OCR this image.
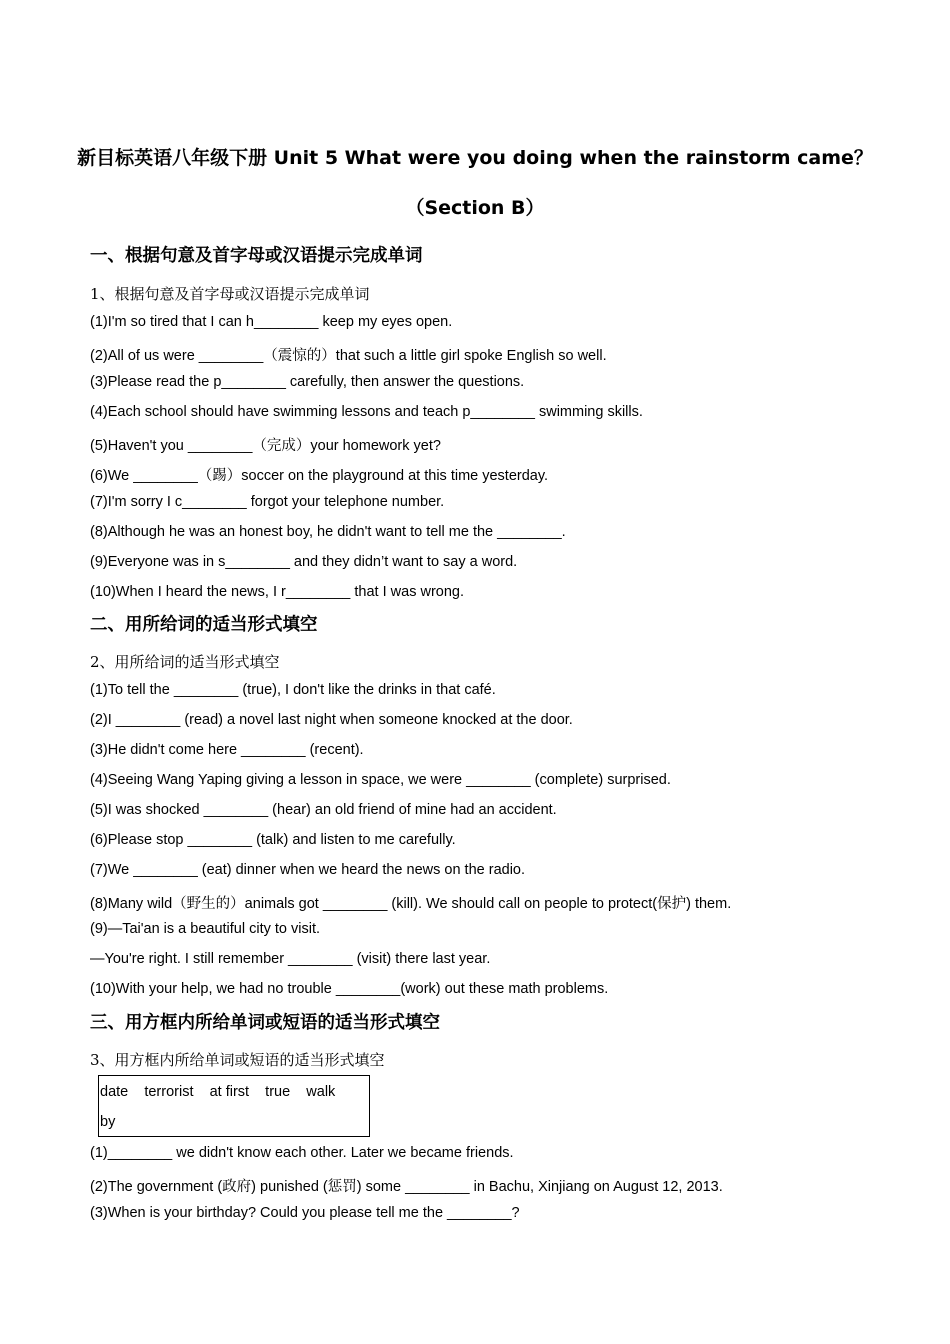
新目标英语八年级下册 Unit 5 What were you doing when the rainstorm came？
（Section B）
一、根据句意及首字母或汉语提示完成单词
1、根据句意及首字母或汉语提示完成单词
(1)I'm so tired that I can h________ keep my eyes open.
(2)All of us were ________（震惊的）that such a little girl spoke English so well.
(3)Please read the p________ carefully, then answer the questions.
(4)Each school should have swimming lessons and teach p________ swimming skills.
(5)Haven't you ________（完成）your homework yet?
(6)We ________（踢）soccer on the playground at this time yesterday.
(7)I'm sorry I c________ forgot your telephone number.
(8)Although he was an honest boy, he didn't want to tell me the ________.
(9)Everyone was in s________ and they didn’t want to say a word.
(10)When I heard the news, I r________ that I was wrong.
二、用所给词的适当形式填空
2、用所给词的适当形式填空
(1)To tell the ________ (true), I don't like the drinks in that café.
(2)I ________ (read) a novel last night when someone knocked at the door.
(3)He didn't come here ________ (recent).
(4)Seeing Wang Yaping giving a lesson in space, we were ________ (complete) surprised.
(5)I was shocked ________ (hear) an old friend of mine had an accident.
(6)Please stop ________ (talk) and listen to me carefully.
(7)We ________ (eat) dinner when we heard the news on the radio.
(8)Many wild（野生的）animals got ________ (kill). We should call on people to protect(保护) them.
(9)—Tai'an is a beautiful city to visit.
—You're right. I still remember ________ (visit) there last year.
(10)With your help, we had no trouble ________(work) out these math problems.
三、用方框内所给单词或短语的适当形式填空
3、用方框内所给单词或短语的适当形式填空
date    terrorist    at first    true    walk
by
(1)________ we didn't know each other. Later we became friends.
(2)The government (政府) punished (惩罚) some ________ in Bachu, Xinjiang on August 12, 2013.
(3)When is your birthday? Could you please tell me the ________?
